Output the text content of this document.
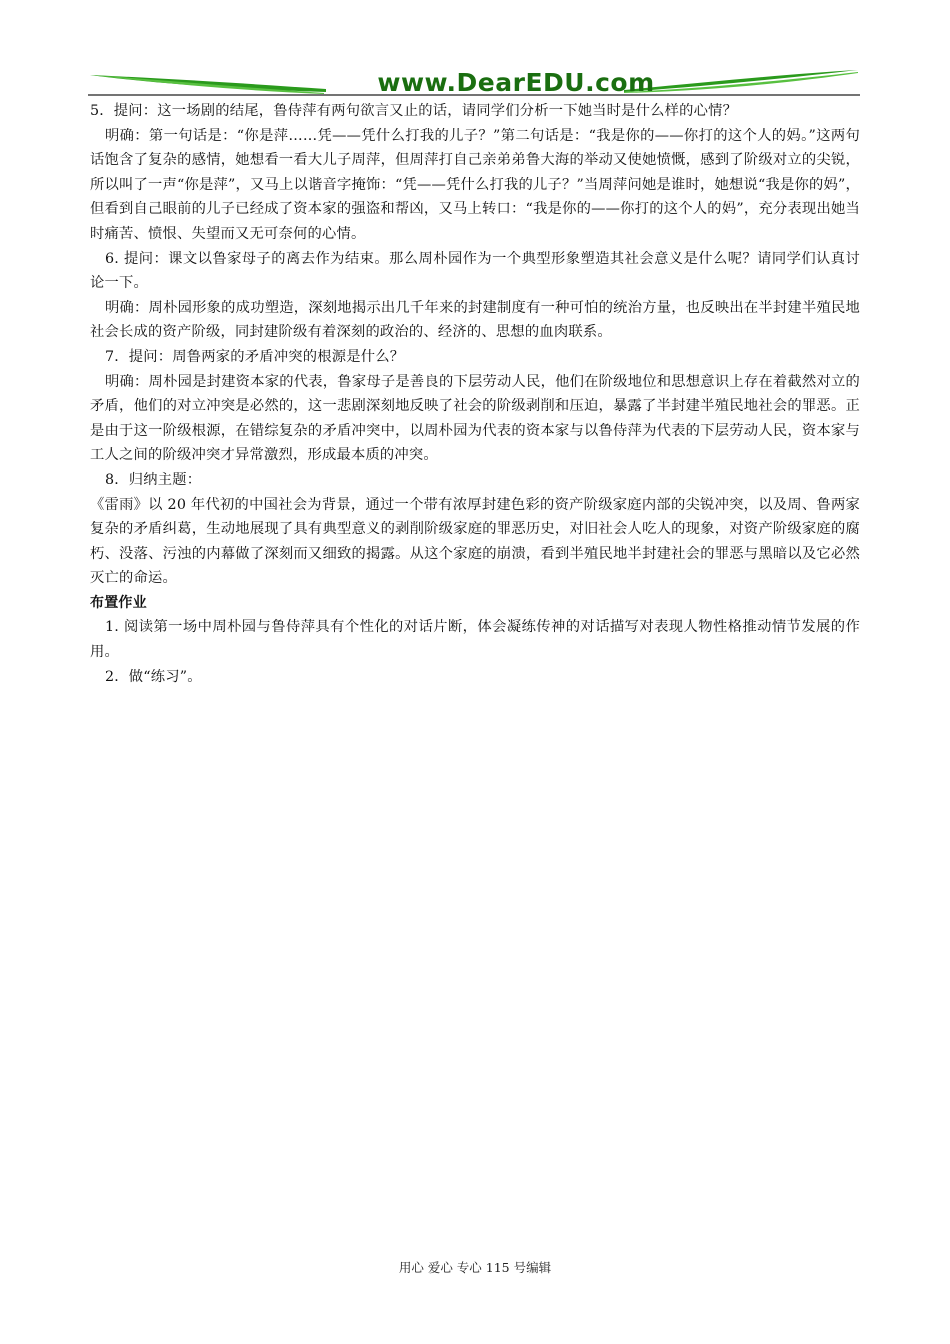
www.DearEDU.com

5．提问：这一场剧的结尾，鲁侍萍有两句欲言又止的话，请同学们分析一下她当时是什么样的心情？

明确：第一句话是：“你是萍……凭——凭什么打我的儿子？”第二句话是：“我是你的——你打的这个人的妈。”这两句话饱含了复杂的感情，她想看一看大儿子周萍，但周萍打自己亲弟弟鲁大海的举动又使她愤慨，感到了阶级对立的尖锐，所以叫了一声“你是萍”，又马上以谐音字掩饰：“凭——凭什么打我的儿子？”当周萍问她是谁时，她想说“我是你的妈”，但看到自己眼前的儿子已经成了资本家的强盗和帮凶，又马上转口：“我是你的——你打的这个人的妈”，充分表现出她当时痛苦、愤恨、失望而又无可奈何的心情。

6. 提问：课文以鲁家母子的离去作为结束。那么周朴园作为一个典型形象塑造其社会意义是什么呢？请同学们认真讨论一下。

明确：周朴园形象的成功塑造，深刻地揭示出几千年来的封建制度有一种可怕的统治方量，也反映出在半封建半殖民地社会长成的资产阶级，同封建阶级有着深刻的政治的、经济的、思想的血肉联系。

7．提问：周鲁两家的矛盾冲突的根源是什么？

明确：周朴园是封建资本家的代表，鲁家母子是善良的下层劳动人民，他们在阶级地位和思想意识上存在着截然对立的矛盾，他们的对立冲突是必然的，这一悲剧深刻地反映了社会的阶级剥削和压迫，暴露了半封建半殖民地社会的罪恶。正是由于这一阶级根源，在错综复杂的矛盾冲突中，以周朴园为代表的资本家与以鲁侍萍为代表的下层劳动人民，资本家与工人之间的阶级冲突才异常激烈，形成最本质的冲突。

8．归纳主题：

《雷雨》以 20 年代初的中国社会为背景，通过一个带有浓厚封建色彩的资产阶级家庭内部的尖锐冲突，以及周、鲁两家复杂的矛盾纠葛，生动地展现了具有典型意义的剥削阶级家庭的罪恶历史，对旧社会人吃人的现象，对资产阶级家庭的腐朽、没落、污浊的内幕做了深刻而又细致的揭露。从这个家庭的崩溃，看到半殖民地半封建社会的罪恶与黑暗以及它必然灭亡的命运。

布置作业

1. 阅读第一场中周朴园与鲁侍萍具有个性化的对话片断，体会凝练传神的对话描写对表现人物性格推动情节发展的作用。

2．做“练习”。

用心 爱心 专心 115 号编辑
